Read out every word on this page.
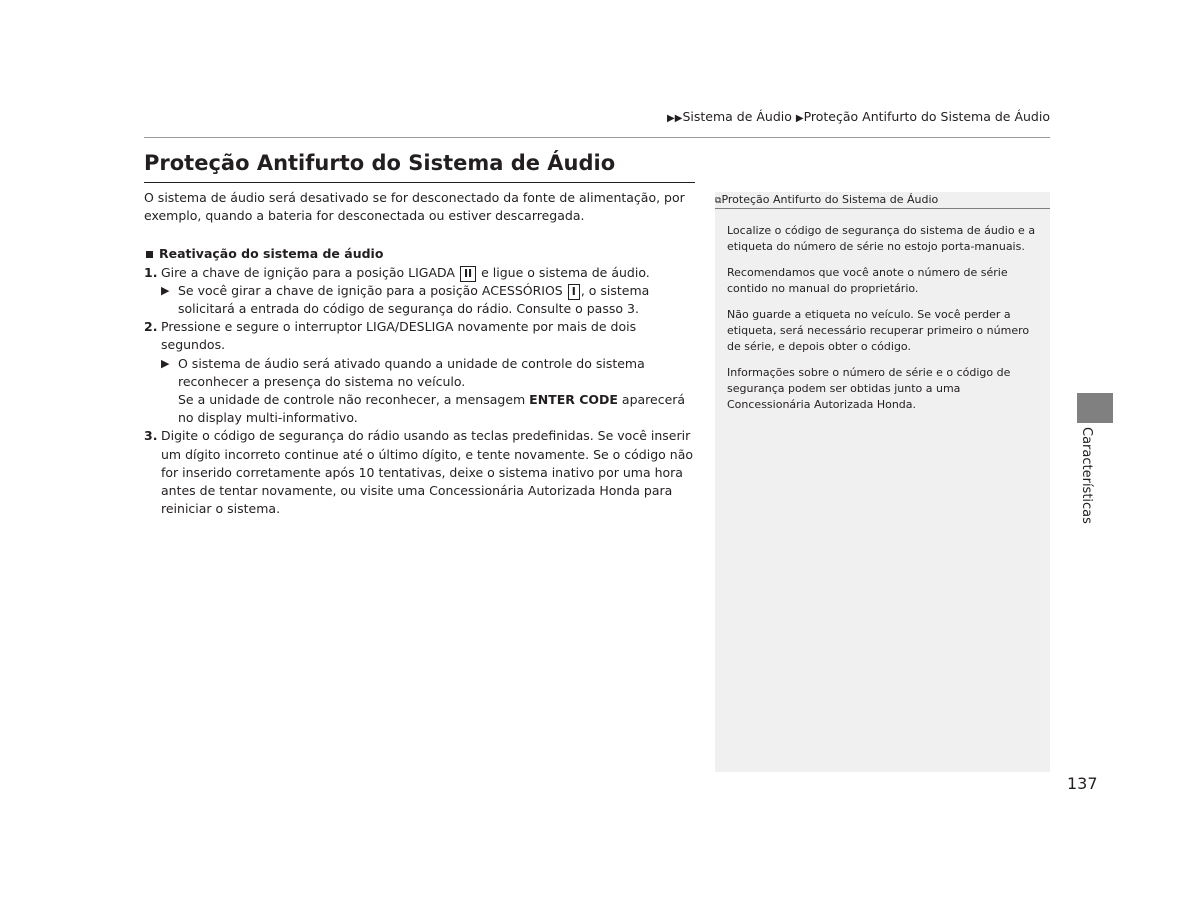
▶▶Sistema de Áudio ▶Proteção Antifurto do Sistema de Áudio
Proteção Antifurto do Sistema de Áudio

O sistema de áudio será desativado se for desconectado da fonte de alimentação, por exemplo, quando a bateria for desconectada ou estiver descarregada.

Reativação do sistema de áudio

1. Gire a chave de ignição para a posição LIGADA II e ligue o sistema de áudio.
▶ Se você girar a chave de ignição para a posição ACESSÓRIOS I , o sistema solicitará a entrada do código de segurança do rádio. Consulte o passo 3.
2. Pressione e segure o interruptor LIGA/DESLIGA novamente por mais de dois segundos.
▶ O sistema de áudio será ativado quando a unidade de controle do sistema reconhecer a presença do sistema no veículo.
Se a unidade de controle não reconhecer, a mensagem ENTER CODE aparecerá no display multi-informativo.
3. Digite o código de segurança do rádio usando as teclas predefinidas. Se você inserir um dígito incorreto continue até o último dígito, e tente novamente. Se o código não for inserido corretamente após 10 tentativas, deixe o sistema inativo por uma hora antes de tentar novamente, ou visite uma Concessionária Autorizada Honda para reiniciar o sistema.
⧉Proteção Antifurto do Sistema de Áudio

Localize o código de segurança do sistema de áudio e a etiqueta do número de série no estojo porta-manuais.

Recomendamos que você anote o número de série contido no manual do proprietário.

Não guarde a etiqueta no veículo. Se você perder a etiqueta, será necessário recuperar primeiro o número de série, e depois obter o código.

Informações sobre o número de série e o código de segurança podem ser obtidas junto a uma Concessionária Autorizada Honda.

Características
137
